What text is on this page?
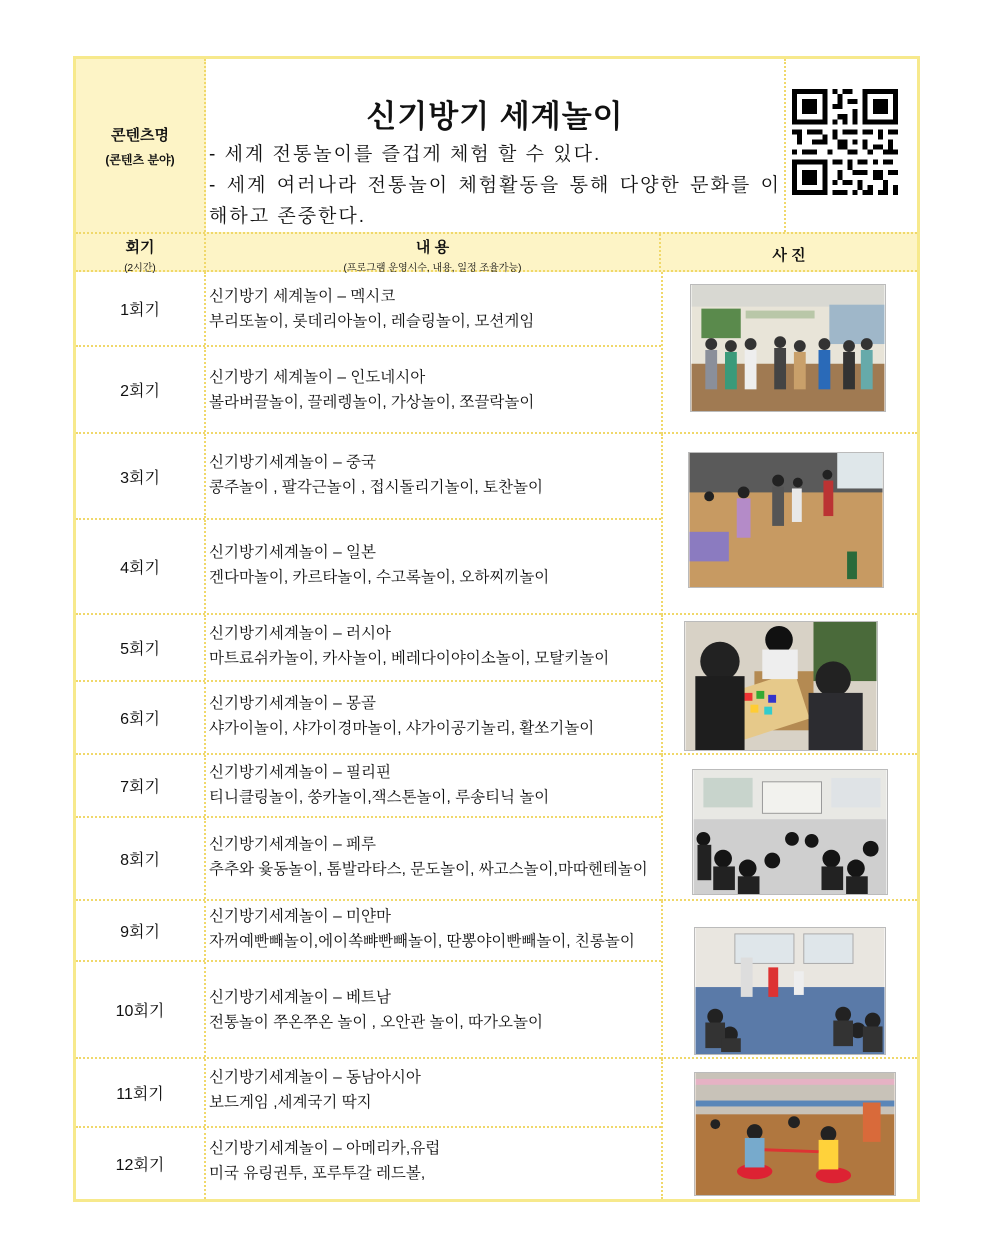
콘텐츠명
(콘텐츠 분야)
신기방기 세계놀이
- 세계 전통놀이를 즐겁게 체험 할 수 있다.
- 세계 여러나라 전통놀이 체험활동을 통해 다양한 문화를 이해하고 존중한다.
회기
(2시간)
내 용
(프로그램 운영시수, 내용, 일정 조율가능)
사 진
1회기
신기방기 세계놀이 – 멕시코
부리또놀이, 롯데리아놀이, 레슬링놀이, 모션게임
2회기
신기방기 세계놀이 – 인도네시아
볼라버끌놀이, 끌레렝놀이, 가상놀이, 쪼끌락놀이
3회기
신기방기세계놀이 – 중국
콩주놀이 , 팔각근놀이 , 접시돌리기놀이, 토찬놀이
4회기
신기방기세계놀이 – 일본
겐다마놀이, 카르타놀이, 수고록놀이, 오하찌끼놀이
5회기
신기방기세계놀이 – 러시아
마트료쉬카놀이, 카사놀이, 베레다이야이소놀이, 모탈키놀이
6회기
신기방기세계놀이 – 몽골
샤가이놀이, 샤가이경마놀이, 샤가이공기놀리, 활쏘기놀이
7회기
신기방기세계놀이 – 필리핀
티니클링놀이, 쑹카놀이,잭스톤놀이, 루송티닉 놀이
8회기
신기방기세계놀이 – 페루
추추와 윷동놀이, 톰발라타스, 문도놀이, 싸고스놀이,마따헨테놀이
9회기
신기방기세계놀이 – 미얀마
자꺼예빤빼놀이,에이쏙뺘빤빼놀이, 딴뽕야이빤빼놀이, 친롱놀이
10회기
신기방기세계놀이 – 베트남
전통놀이 쭈온쭈온 놀이 , 오안관 놀이, 따가오놀이
11회기
신기방기세계놀이 – 동남아시아
보드게임 ,세계국기 딱지
12회기
신기방기세계놀이 – 아메리카,유럽
미국 유링권투, 포루투갈 레드볼,
